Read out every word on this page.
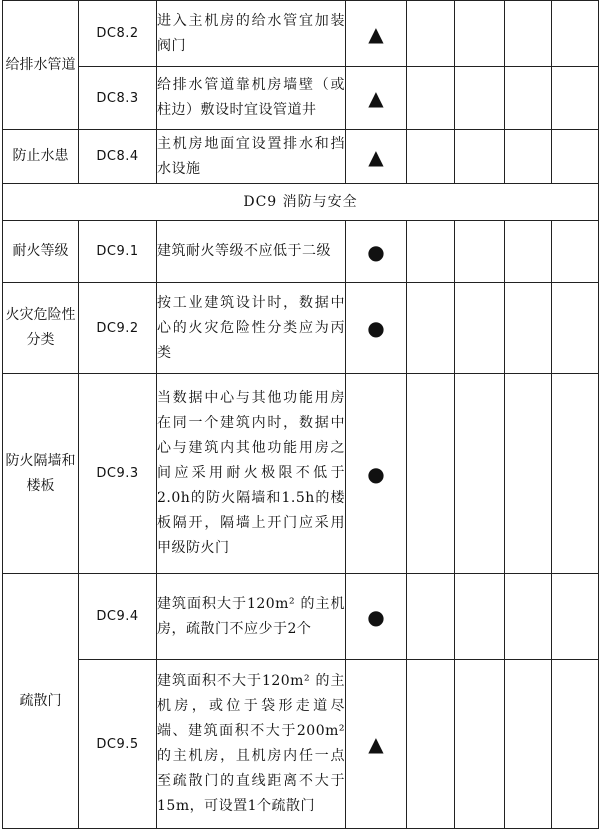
给排水管道	DC8.2	进入主机房的给水管宜加装阀门	▲				
	DC8.3	给排水管道靠机房墙壁（或柱边）敷设时宜设管道井	▲				
防止水患	DC8.4	主机房地面宜设置排水和挡水设施	▲				
DC9 消防与安全							
耐火等级	DC9.1	建筑耐火等级不应低于二级	●				
火灾危险性分类	DC9.2	按工业建筑设计时，数据中心的火灾危险性分类应为丙类	●				
防火隔墙和楼板	DC9.3	当数据中心与其他功能用房在同一个建筑内时，数据中心与建筑内其他功能用房之间应采用耐火极限不低于2.0h的防火隔墙和1.5h的楼板隔开，隔墙上开门应采用甲级防火门	●				
疏散门	DC9.4	建筑面积大于120m² 的主机房，疏散门不应少于2个	●				
	DC9.5	建筑面积不大于120m² 的主机房，或位于袋形走道尽端、建筑面积不大于200m² 的主机房，且机房内任一点至疏散门的直线距离不大于15m，可设置1个疏散门	▲				
